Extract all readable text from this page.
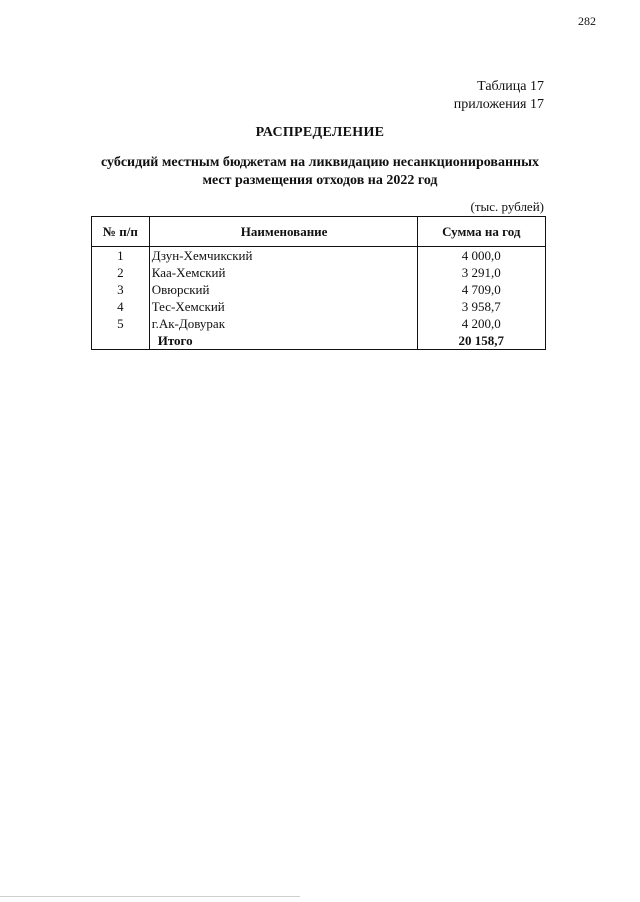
282
Таблица 17
приложения 17
РАСПРЕДЕЛЕНИЕ
субсидий местным бюджетам на ликвидацию несанкционированных
мест размещения отходов на 2022 год
(тыс. рублей)
№ п/п	Наименование	Сумма на год
1	Дзун-Хемчикский	4 000,0
2	Каа-Хемский	3 291,0
3	Овюрский	4 709,0
4	Тес-Хемский	3 958,7
5	г.Ак-Довурак	4 200,0
	Итого	20 158,7
